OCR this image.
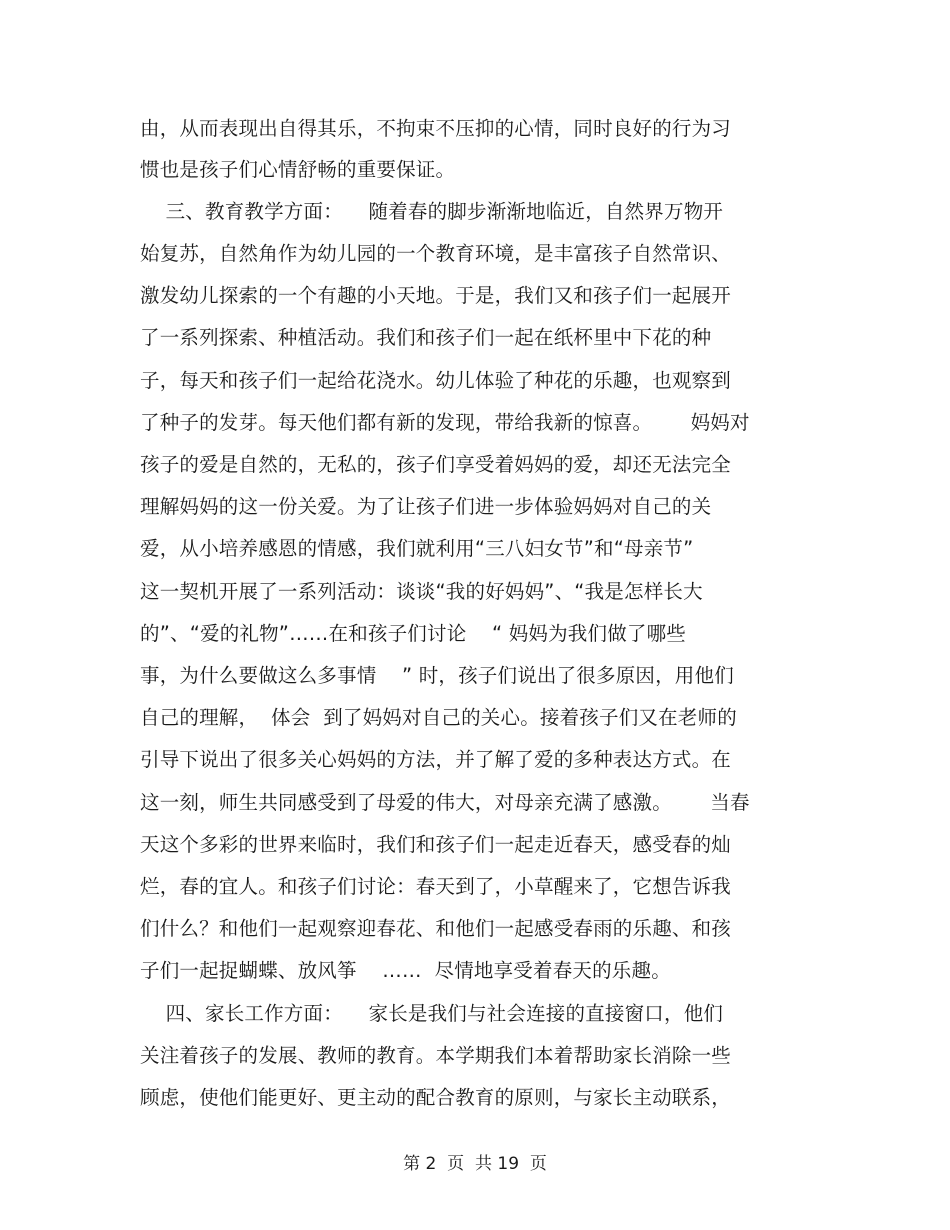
由，从而表现出自得其乐，不拘束不压抑的心情，同时良好的行为习
惯也是孩子们心情舒畅的重要保证。
三、教育教学方面：    随着春的脚步渐渐地临近，自然界万物开
始复苏，自然角作为幼儿园的一个教育环境，是丰富孩子自然常识、
激发幼儿探索的一个有趣的小天地。于是，我们又和孩子们一起展开
了一系列探索、种植活动。我们和孩子们一起在纸杯里中下花的种
子，每天和孩子们一起给花浇水。幼儿体验了种花的乐趣，也观察到
了种子的发芽。每天他们都有新的发现，带给我新的惊喜。      妈妈对
孩子的爱是自然的，无私的，孩子们享受着妈妈的爱，却还无法完全
理解妈妈的这一份关爱。为了让孩子们进一步体验妈妈对自己的关
爱，从小培养感恩的情感，我们就利用“三八妇女节”和“母亲节”
这一契机开展了一系列活动：谈谈“我的好妈妈”、“我是怎样长大
的”、“爱的礼物”……在和孩子们讨论    “ 妈妈为我们做了哪些
事，为什么要做这么多事情    ” 时，孩子们说出了很多原因，用他们
自己的理解，  体会  到了妈妈对自己的关心。接着孩子们又在老师的
引导下说出了很多关心妈妈的方法，并了解了爱的多种表达方式。在
这一刻，师生共同感受到了母爱的伟大，对母亲充满了感激。      当春
天这个多彩的世界来临时，我们和孩子们一起走近春天，感受春的灿
烂，春的宜人。和孩子们讨论：春天到了，小草醒来了，它想告诉我
们什么？和他们一起观察迎春花、和他们一起感受春雨的乐趣、和孩
子们一起捉蝴蝶、放风筝    ……  尽情地享受着春天的乐趣。
四、家长工作方面：    家长是我们与社会连接的直接窗口，他们
关注着孩子的发展、教师的教育。本学期我们本着帮助家长消除一些
顾虑，使他们能更好、更主动的配合教育的原则，与家长主动联系，
第 2  页  共 19  页
